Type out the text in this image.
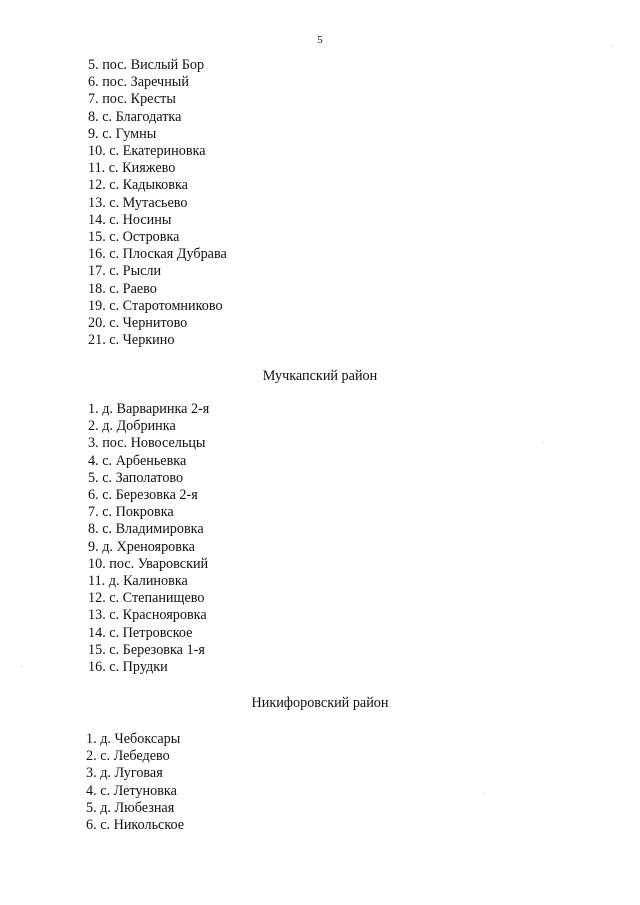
5
5. пос. Вислый Бор
6. пос. Заречный
7. пос. Кресты
8. с. Благодатка
9. с. Гумны
10. с. Екатериновка
11. с. Кияжево
12. с. Кадыковка
13. с. Мутасьево
14. с. Носины
15. с. Островка
16. с. Плоская Дубрава
17. с. Рысли
18. с. Раево
19. с. Старотомниково
20. с. Чернитово
21. с. Черкино
Мучкапский район
1. д. Варваринка 2-я
2. д. Добринка
3. пос. Новосельцы
4. с. Арбеньевка
5. с. Заполатово
6. с. Березовка 2-я
7. с. Покровка
8. с. Владимировка
9. д. Хреноярoвка
10. пос. Уваровский
11. д. Калиновка
12. с. Степанищево
13. с. Красноярoвка
14. с. Петровское
15. с. Березовка 1-я
16. с. Прудки
Никифоровский район
1. д. Чебоксары
2. с. Лебедево
3. д. Луговая
4. с. Летуновка
5. д. Любезная
6. с. Никольское
